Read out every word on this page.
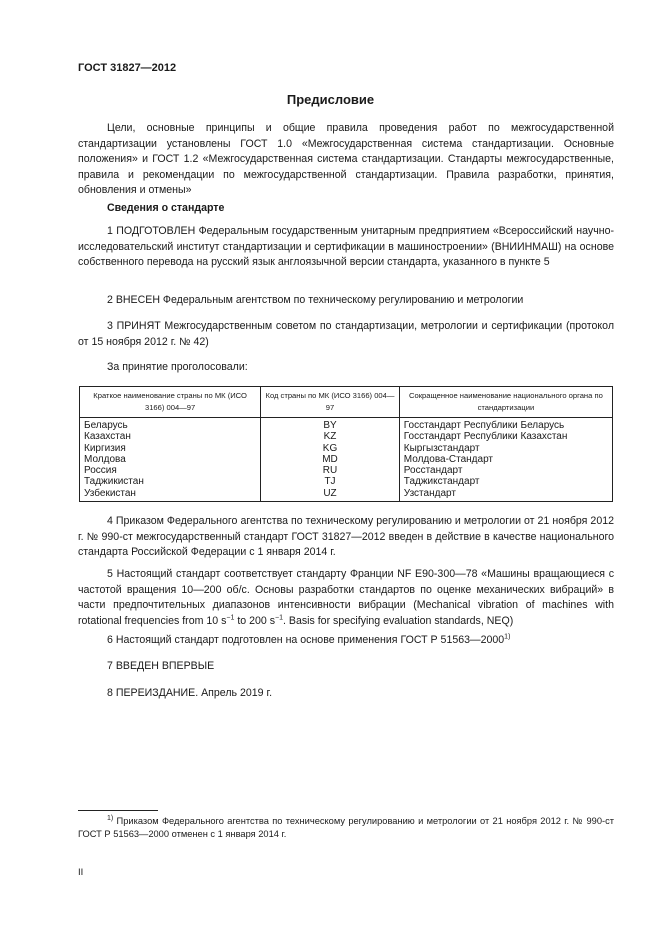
ГОСТ 31827—2012
Предисловие
Цели, основные принципы и общие правила проведения работ по межгосударственной стандартизации установлены ГОСТ 1.0 «Межгосударственная система стандартизации. Основные положения» и ГОСТ 1.2 «Межгосударственная система стандартизации. Стандарты межгосударственные, правила и рекомендации по межгосударственной стандартизации. Правила разработки, принятия, обновления и отмены»
Сведения о стандарте
1 ПОДГОТОВЛЕН Федеральным государственным унитарным предприятием «Всероссийский научно-исследовательский институт стандартизации и сертификации в машиностроении» (ВНИИНМАШ) на основе собственного перевода на русский язык англоязычной версии стандарта, указанного в пункте 5
2 ВНЕСЕН Федеральным агентством по техническому регулированию и метрологии
3 ПРИНЯТ Межгосударственным советом по стандартизации, метрологии и сертификации (протокол от 15 ноября 2012 г. № 42)
За принятие проголосовали:
Краткое наименование страны по МК (ИСО 3166) 004—97	Код страны по МК (ИСО 3166) 004—97	Сокращенное наименование национального органа по стандартизации
Беларусь	BY	Госстандарт Республики Беларусь
Казахстан	KZ	Госстандарт Республики Казахстан
Киргизия	KG	Кыргызстандарт
Молдова	MD	Молдова-Стандарт
Россия	RU	Росстандарт
Таджикистан	TJ	Таджикстандарт
Узбекистан	UZ	Узстандарт
4 Приказом Федерального агентства по техническому регулированию и метрологии от 21 ноября 2012 г. № 990-ст межгосударственный стандарт ГОСТ 31827—2012 введен в действие в качестве национального стандарта Российской Федерации с 1 января 2014 г.
5 Настоящий стандарт соответствует стандарту Франции NF E90-300—78 «Машины вращающиеся с частотой вращения 10—200 об/с. Основы разработки стандартов по оценке механических вибраций» в части предпочтительных диапазонов интенсивности вибрации (Mechanical vibration of machines with rotational frequencies from 10 $s^{-1}$ to 200 $s^{-1}$. Basis for specifying evaluation standards, NEQ)
6 Настоящий стандарт подготовлен на основе применения ГОСТ Р 51563—2000$^{1)}$
7 ВВЕДЕН ВПЕРВЫЕ
8 ПЕРЕИЗДАНИЕ. Апрель 2019 г.
$^{1)}$ Приказом Федерального агентства по техническому регулированию и метрологии от 21 ноября 2012 г. № 990-ст ГОСТ Р 51563—2000 отменен с 1 января 2014 г.
II
